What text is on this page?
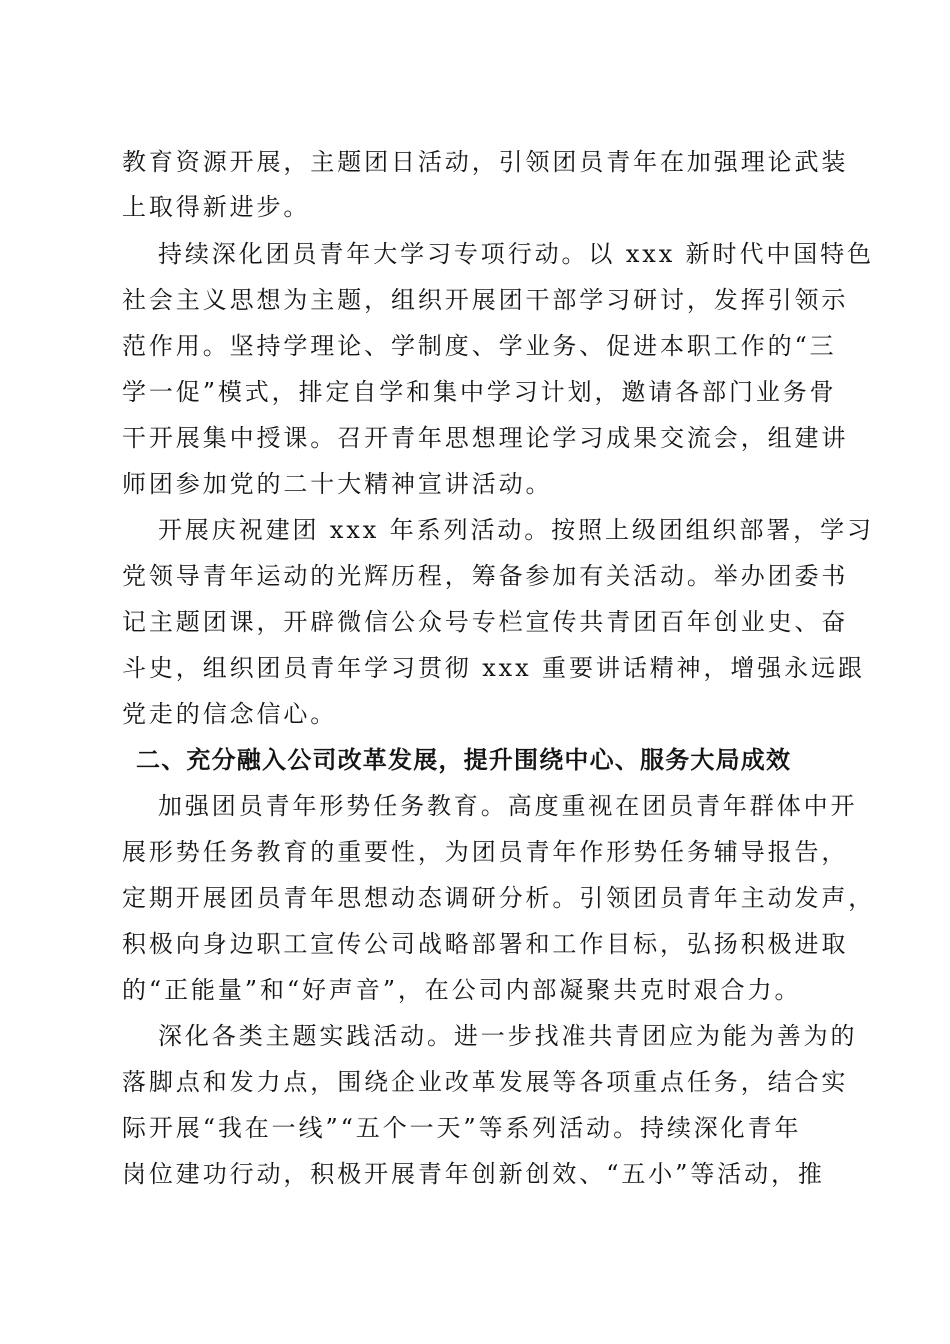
教育资源开展，主题团日活动，引领团员青年在加强理论武装
上取得新进步。
持续深化团员青年大学习专项行动。以 xxx 新时代中国特色
社会主义思想为主题，组织开展团干部学习研讨，发挥引领示
范作用。坚持学理论、学制度、学业务、促进本职工作的“三
学一促”模式，排定自学和集中学习计划，邀请各部门业务骨
干开展集中授课。召开青年思想理论学习成果交流会，组建讲
师团参加党的二十大精神宣讲活动。
开展庆祝建团 xxx 年系列活动。按照上级团组织部署，学习
党领导青年运动的光辉历程，筹备参加有关活动。举办团委书
记主题团课，开辟微信公众号专栏宣传共青团百年创业史、奋
斗史，组织团员青年学习贯彻 xxx 重要讲话精神，增强永远跟
党走的信念信心。
二、充分融入公司改革发展，提升围绕中心、服务大局成效
加强团员青年形势任务教育。高度重视在团员青年群体中开
展形势任务教育的重要性，为团员青年作形势任务辅导报告，
定期开展团员青年思想动态调研分析。引领团员青年主动发声，
积极向身边职工宣传公司战略部署和工作目标，弘扬积极进取
的“正能量”和“好声音”，在公司内部凝聚共克时艰合力。
深化各类主题实践活动。进一步找准共青团应为能为善为的
落脚点和发力点，围绕企业改革发展等各项重点任务，结合实
际开展“我在一线”“五个一天”等系列活动。持续深化青年
岗位建功行动，积极开展青年创新创效、“五小”等活动，推
